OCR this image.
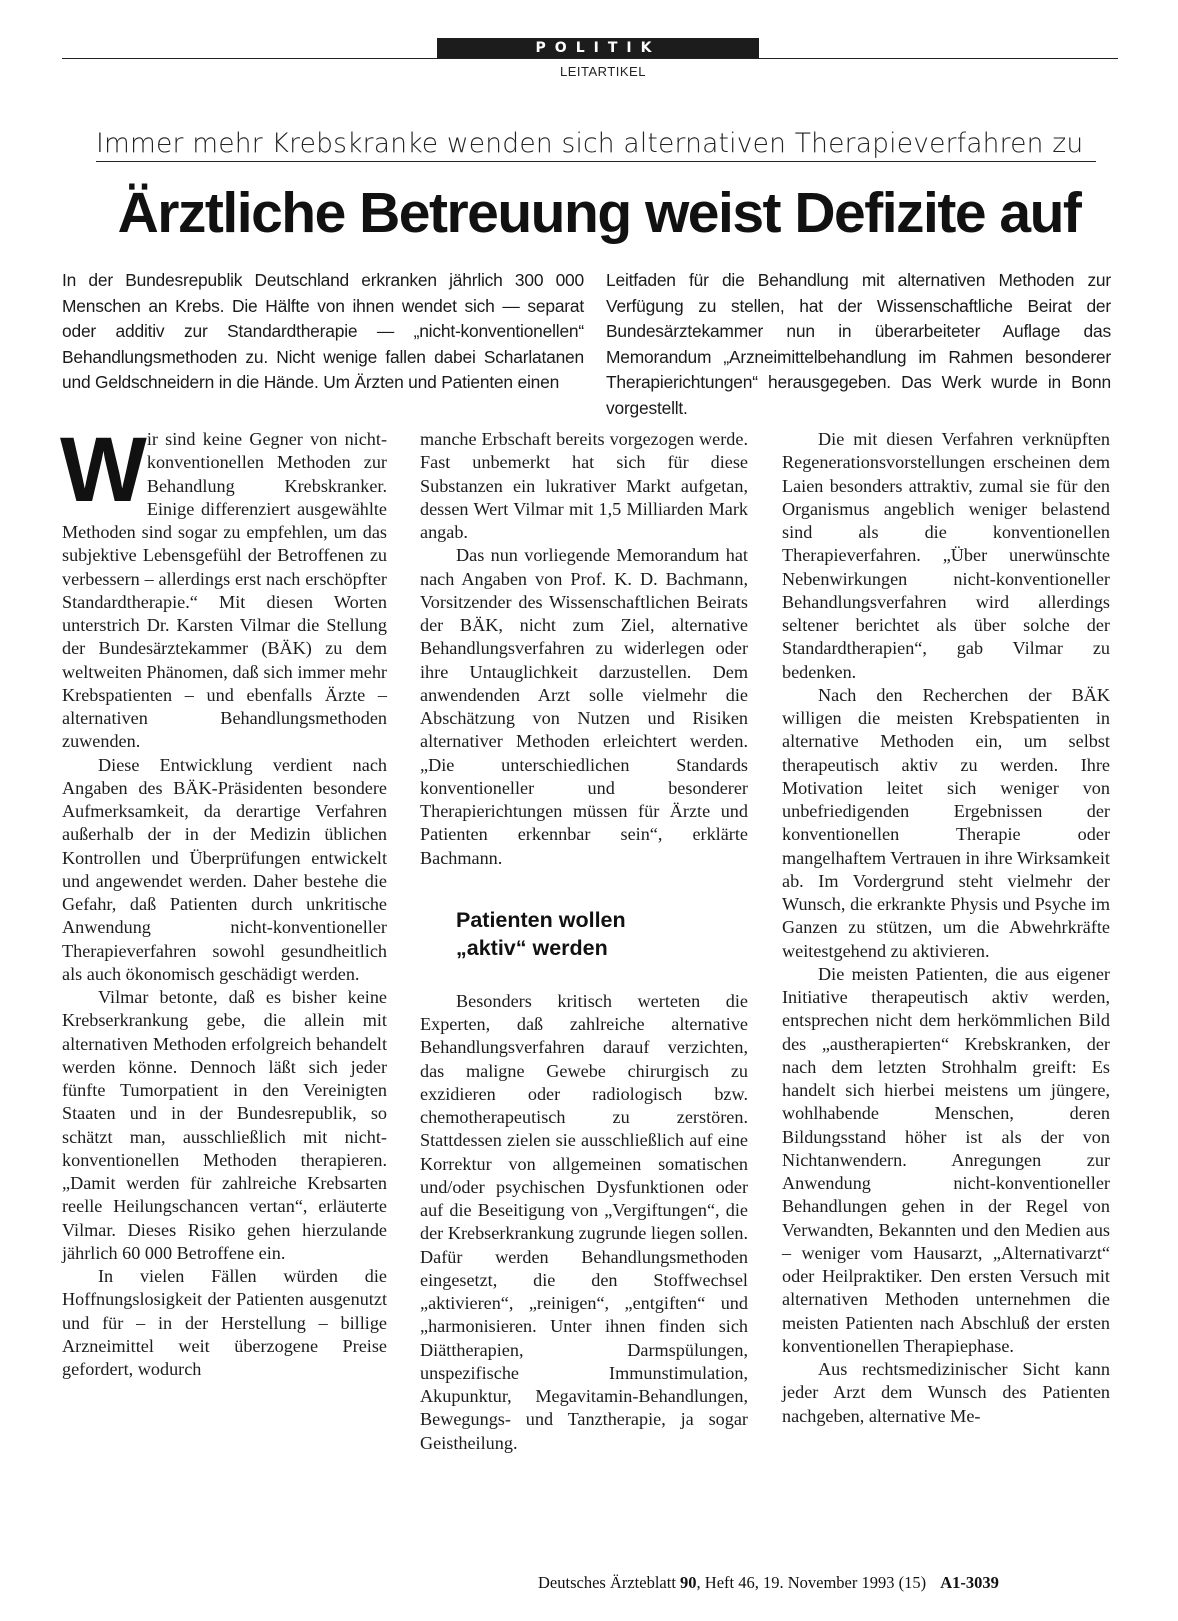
POLITIK
LEITARTIKEL
Immer mehr Krebskranke wenden sich alternativen Therapieverfahren zu
Ärztliche Betreuung weist Defizite auf
In der Bundesrepublik Deutschland erkranken jährlich 300 000 Menschen an Krebs. Die Hälfte von ihnen wendet sich — separat oder additiv zur Standardtherapie — „nicht-konventionellen“ Behandlungsmethoden zu. Nicht wenige fallen dabei Scharlatanen und Geldschneidern in die Hände. Um Ärzten und Patienten einen
Leitfaden für die Behandlung mit alternativen Methoden zur Verfügung zu stellen, hat der Wissenschaftliche Beirat der Bundesärztekammer nun in überarbeiteter Auflage das Memorandum „Arzneimittelbehandlung im Rahmen besonderer Therapierichtungen“ herausgegeben. Das Werk wurde in Bonn vorgestellt.

Wir sind keine Gegner von nicht-konventionellen Methoden zur Behandlung Krebskranker. Einige differenziert ausgewählte Methoden sind sogar zu empfehlen, um das subjektive Lebensgefühl der Betroffenen zu verbessern – allerdings erst nach erschöpfter Standardtherapie.“ Mit diesen Worten unterstrich Dr. Karsten Vilmar die Stellung der Bundesärztekammer (BÄK) zu dem weltweiten Phänomen, daß sich immer mehr Krebspatienten – und ebenfalls Ärzte – alternativen Behandlungsmethoden zuwenden.

Diese Entwicklung verdient nach Angaben des BÄK-Präsidenten besondere Aufmerksamkeit, da derartige Verfahren außerhalb der in der Medizin üblichen Kontrollen und Überprüfungen entwickelt und angewendet werden. Daher bestehe die Gefahr, daß Patienten durch unkritische Anwendung nicht-konventioneller Therapieverfahren sowohl gesundheitlich als auch ökonomisch geschädigt werden.

Vilmar betonte, daß es bisher keine Krebserkrankung gebe, die allein mit alternativen Methoden erfolgreich behandelt werden könne. Dennoch läßt sich jeder fünfte Tumorpatient in den Vereinigten Staaten und in der Bundesrepublik, so schätzt man, ausschließlich mit nicht-konventionellen Methoden therapieren. „Damit werden für zahlreiche Krebsarten reelle Heilungschancen vertan“, erläuterte Vilmar. Dieses Risiko gehen hierzulande jährlich 60 000 Betroffene ein.

In vielen Fällen würden die Hoffnungslosigkeit der Patienten ausgenutzt und für – in der Herstellung – billige Arzneimittel weit überzogene Preise gefordert, wodurch

manche Erbschaft bereits vorgezogen werde. Fast unbemerkt hat sich für diese Substanzen ein lukrativer Markt aufgetan, dessen Wert Vilmar mit 1,5 Milliarden Mark angab.

Das nun vorliegende Memorandum hat nach Angaben von Prof. K. D. Bachmann, Vorsitzender des Wissenschaftlichen Beirats der BÄK, nicht zum Ziel, alternative Behandlungsverfahren zu widerlegen oder ihre Untauglichkeit darzustellen. Dem anwendenden Arzt solle vielmehr die Abschätzung von Nutzen und Risiken alternativer Methoden erleichtert werden. „Die unterschiedlichen Standards konventioneller und besonderer Therapierichtungen müssen für Ärzte und Patienten erkennbar sein“, erklärte Bachmann.

Patienten wollen
„aktiv“ werden

Besonders kritisch werteten die Experten, daß zahlreiche alternative Behandlungsverfahren darauf verzichten, das maligne Gewebe chirurgisch zu exzidieren oder radiologisch bzw. chemotherapeutisch zu zerstören. Stattdessen zielen sie ausschließlich auf eine Korrektur von allgemeinen somatischen und/oder psychischen Dysfunktionen oder auf die Beseitigung von „Vergiftungen“, die der Krebserkrankung zugrunde liegen sollen. Dafür werden Behandlungsmethoden eingesetzt, die den Stoffwechsel „aktivieren“, „reinigen“, „entgiften“ und „harmonisieren. Unter ihnen finden sich Diättherapien, Darmspülungen, unspezifische Immunstimulation, Akupunktur, Megavitamin-Behandlungen, Bewegungs- und Tanztherapie, ja sogar Geistheilung.

Die mit diesen Verfahren verknüpften Regenerationsvorstellungen erscheinen dem Laien besonders attraktiv, zumal sie für den Organismus angeblich weniger belastend sind als die konventionellen Therapieverfahren. „Über unerwünschte Nebenwirkungen nicht-konventioneller Behandlungsverfahren wird allerdings seltener berichtet als über solche der Standardtherapien“, gab Vilmar zu bedenken.

Nach den Recherchen der BÄK willigen die meisten Krebspatienten in alternative Methoden ein, um selbst therapeutisch aktiv zu werden. Ihre Motivation leitet sich weniger von unbefriedigenden Ergebnissen der konventionellen Therapie oder mangelhaftem Vertrauen in ihre Wirksamkeit ab. Im Vordergrund steht vielmehr der Wunsch, die erkrankte Physis und Psyche im Ganzen zu stützen, um die Abwehrkräfte weitestgehend zu aktivieren.

Die meisten Patienten, die aus eigener Initiative therapeutisch aktiv werden, entsprechen nicht dem herkömmlichen Bild des „austherapierten“ Krebskranken, der nach dem letzten Strohhalm greift: Es handelt sich hierbei meistens um jüngere, wohlhabende Menschen, deren Bildungsstand höher ist als der von Nichtanwendern. Anregungen zur Anwendung nicht-konventioneller Behandlungen gehen in der Regel von Verwandten, Bekannten und den Medien aus – weniger vom Hausarzt, „Alternativarzt“ oder Heilpraktiker. Den ersten Versuch mit alternativen Methoden unternehmen die meisten Patienten nach Abschluß der ersten konventionellen Therapiephase.

Aus rechtsmedizinischer Sicht kann jeder Arzt dem Wunsch des Patienten nachgeben, alternative Me-

Deutsches Ärzteblatt 90, Heft 46, 19. November 1993 (15) A1-3039
